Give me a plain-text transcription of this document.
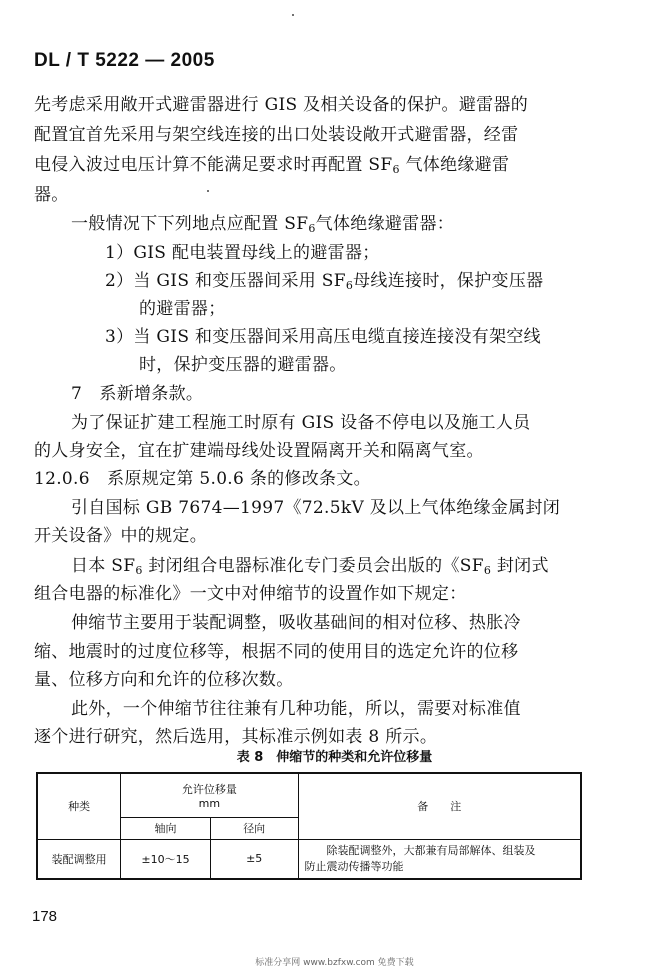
DL / T 5222 — 2005
先考虑采用敞开式避雷器进行 GIS 及相关设备的保护。避雷器的
配置宜首先采用与架空线连接的出口处装设敞开式避雷器，经雷
电侵入波过电压计算不能满足要求时再配置 $SF_6$ 气体绝缘避雷
器。
一般情况下下列地点应配置 $SF_6$气体绝缘避雷器：
1）GIS 配电装置母线上的避雷器；
2）当 GIS 和变压器间采用 $SF_6$母线连接时，保护变压器
的避雷器；
3）当 GIS 和变压器间采用高压电缆直接连接没有架空线
时，保护变压器的避雷器。
7　系新增条款。
为了保证扩建工程施工时原有 GIS 设备不停电以及施工人员
的人身安全，宜在扩建端母线处设置隔离开关和隔离气室。
12.0.6　系原规定第 5.0.6 条的修改条文。
引自国标 GB 7674—1997《72.5kV 及以上气体绝缘金属封闭
开关设备》中的规定。
日本 $SF_6$ 封闭组合电器标准化专门委员会出版的《$SF_6$ 封闭式
组合电器的标准化》一文中对伸缩节的设置作如下规定：
伸缩节主要用于装配调整，吸收基础间的相对位移、热胀冷
缩、地震时的过度位移等，根据不同的使用目的选定允许的位移
量、位移方向和允许的位移次数。
此外，一个伸缩节往往兼有几种功能，所以，需要对标准值
逐个进行研究，然后选用，其标准示例如表 8 所示。
表 8　伸缩节的种类和允许位移量
种类	允许位移量
mm		备　　注
	轴向	径向	
装配调整用	±10～15	±5	除装配调整外，大都兼有局部解体、组装及
防止震动传播等功能
178
标准分享网 www.bzfxw.com 免费下载
